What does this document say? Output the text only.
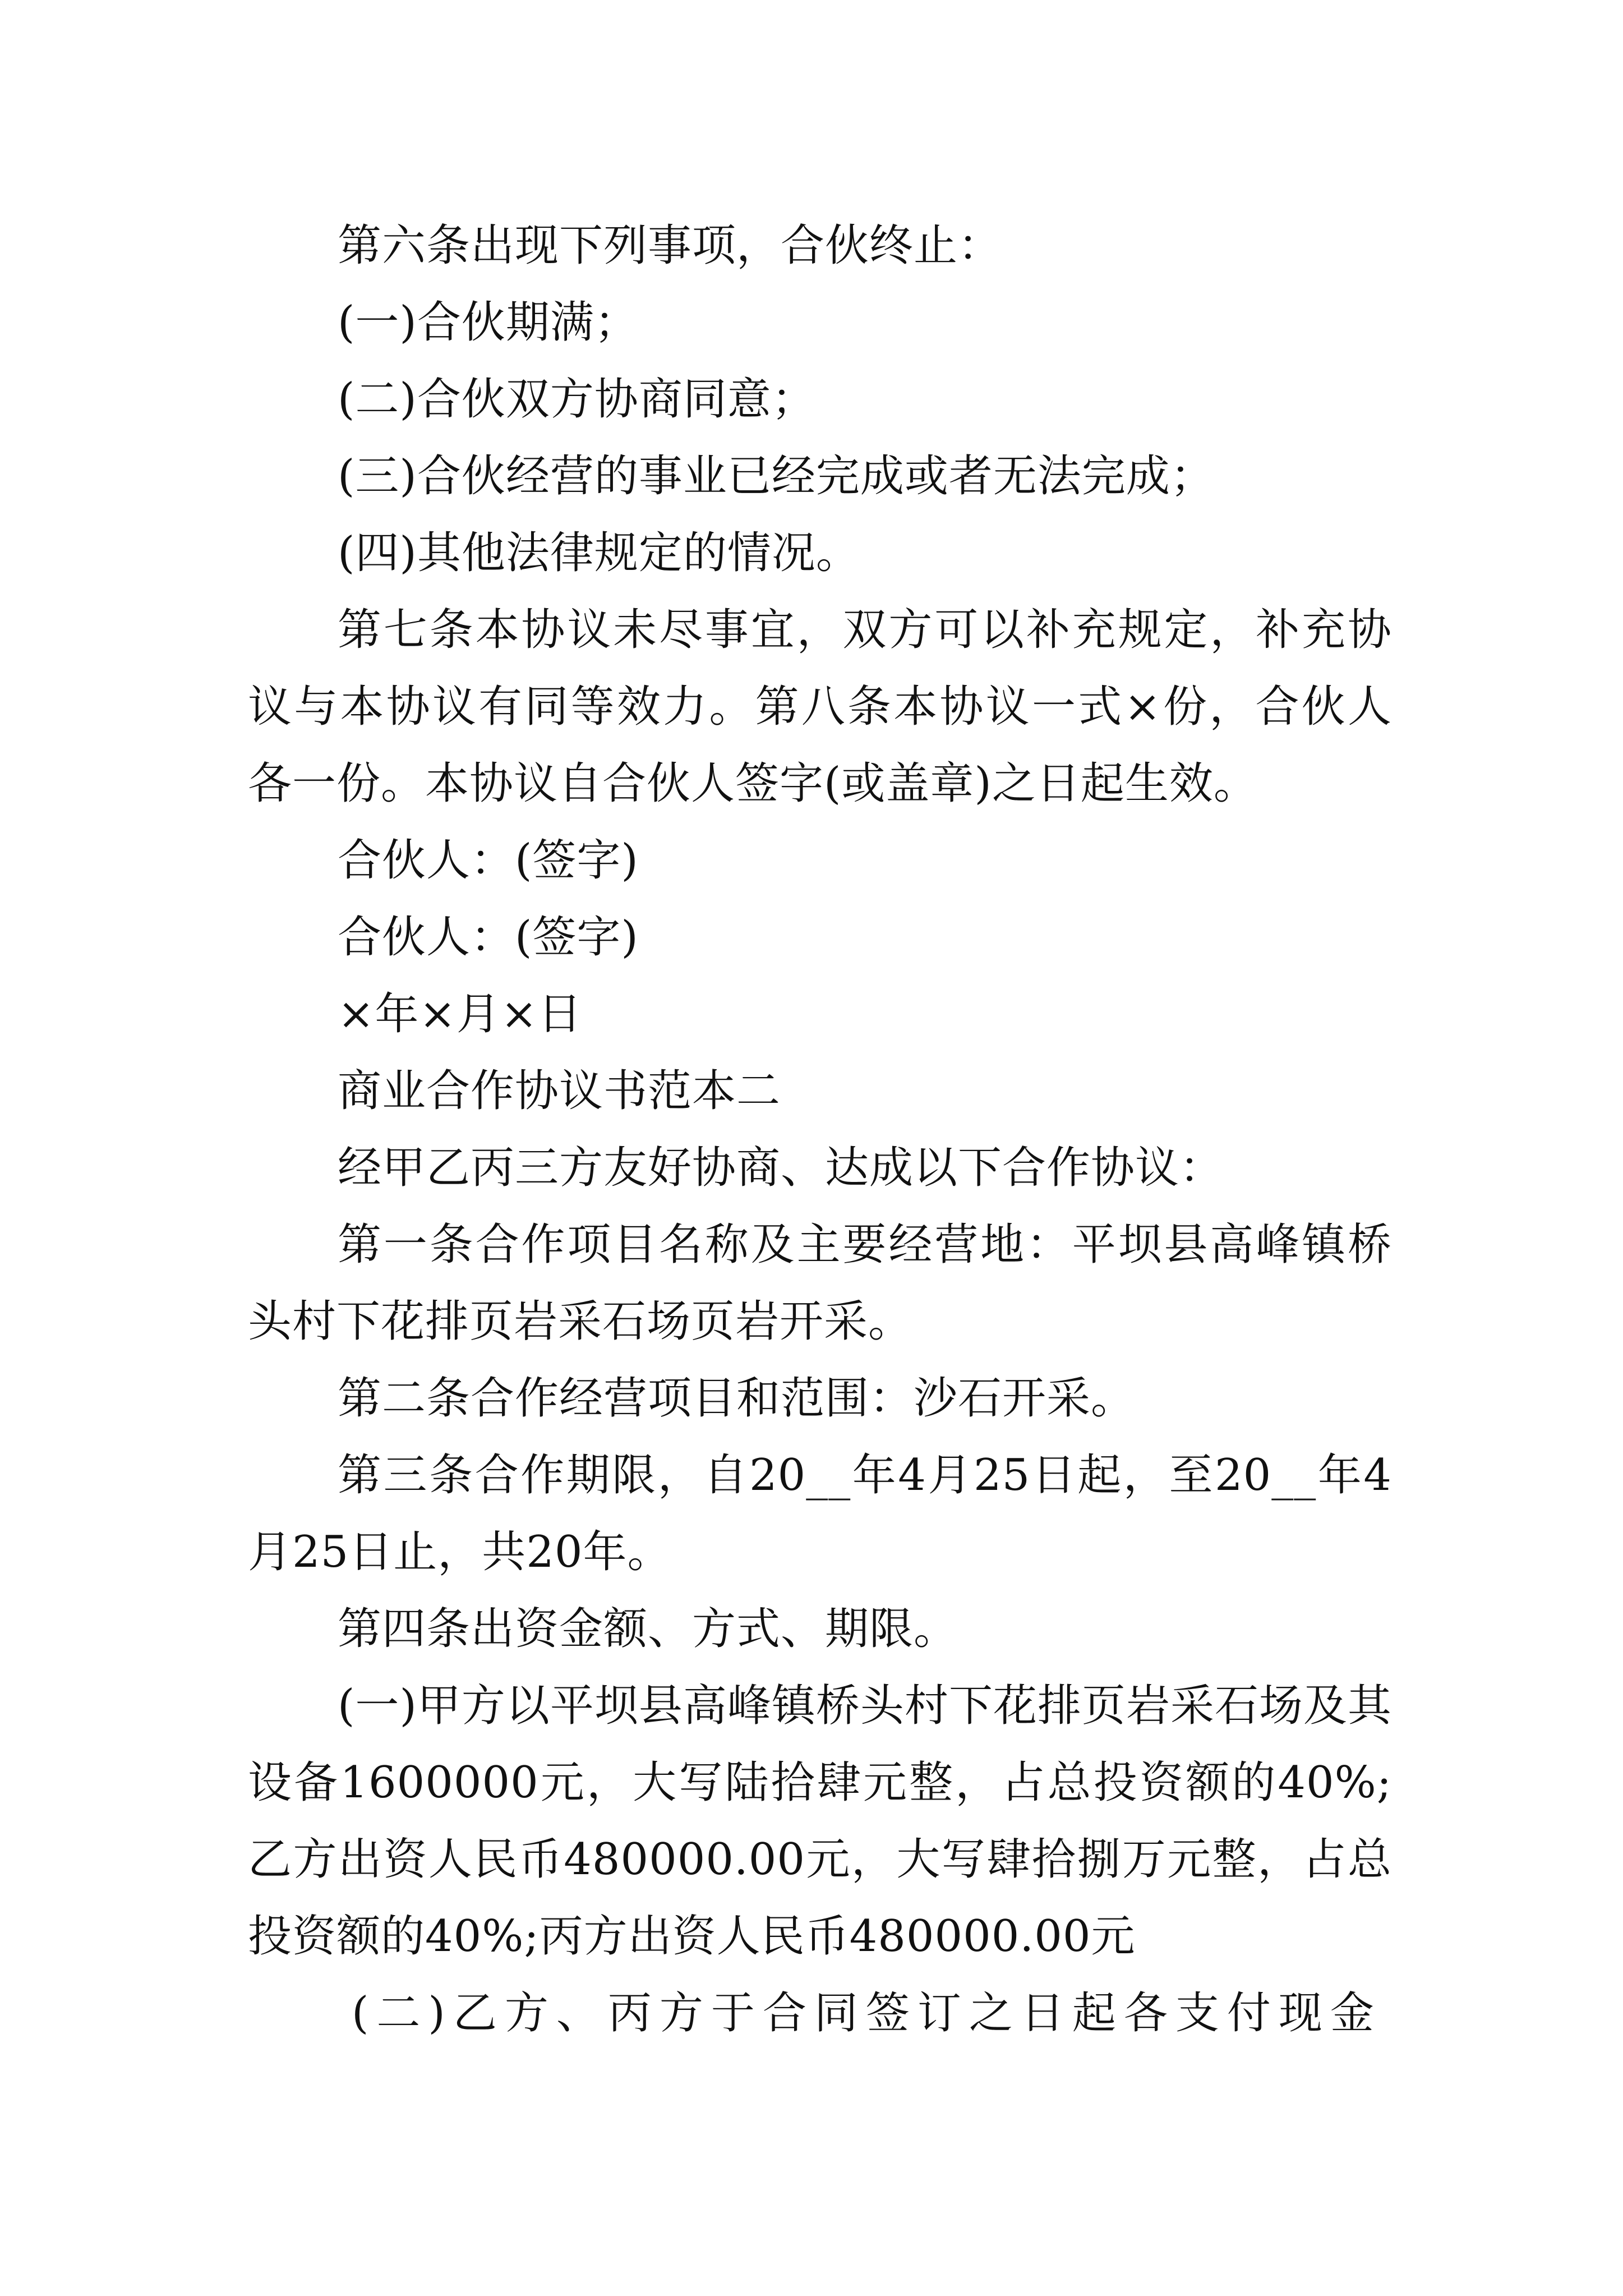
第六条出现下列事项，合伙终止：

(一)合伙期满；

(二)合伙双方协商同意；

(三)合伙经营的事业已经完成或者无法完成；

(四)其他法律规定的情况。

第七条本协议未尽事宜，双方可以补充规定，补充协议与本协议有同等效力。第八条本协议一式×份，合伙人各一份。本协议自合伙人签字(或盖章)之日起生效。

合伙人：(签字)

合伙人：(签字)

×年×月×日

商业合作协议书范本二

经甲乙丙三方友好协商、达成以下合作协议：

第一条合作项目名称及主要经营地：平坝县高峰镇桥头村下花排页岩采石场页岩开采。

第二条合作经营项目和范围：沙石开采。

第三条合作期限，自20__年4月25日起，至20__年4月25日止，共20年。

第四条出资金额、方式、期限。

(一)甲方以平坝县高峰镇桥头村下花排页岩采石场及其设备1600000元，大写陆拾肆元整，占总投资额的40%;乙方出资人民币480000.00元，大写肆拾捌万元整，占总投资额的40%;丙方出资人民币480000.00元

(二)乙方、丙方于合同签订之日起各支付现金
